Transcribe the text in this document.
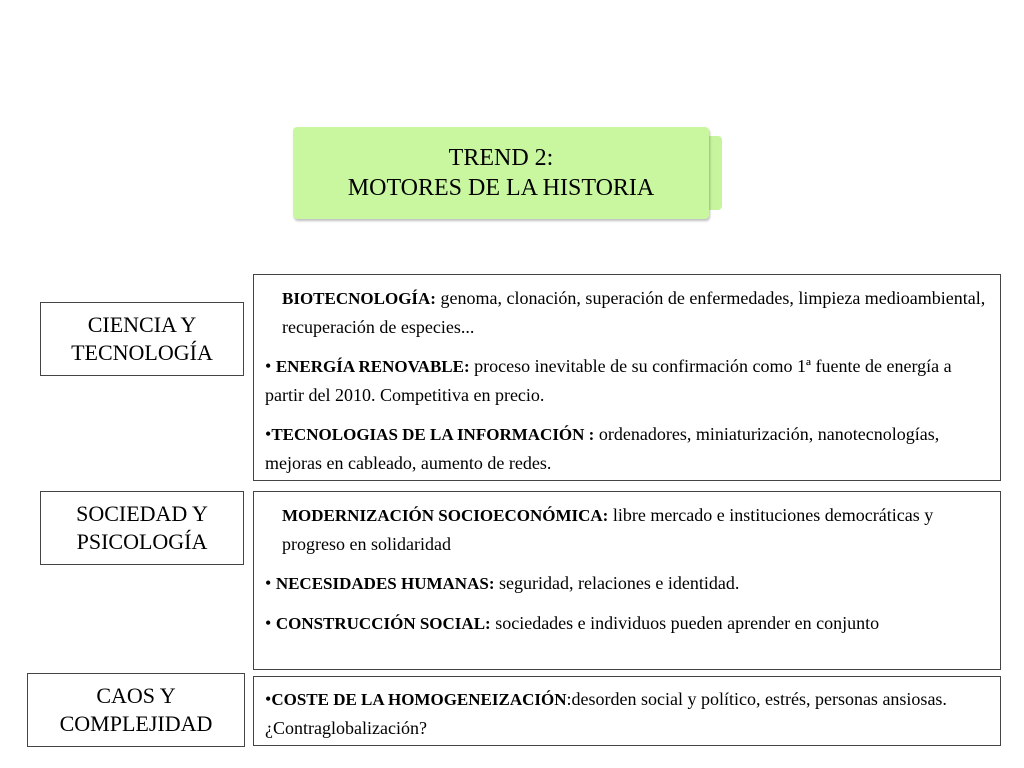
TREND 2:
MOTORES DE LA HISTORIA
CIENCIA Y
TECNOLOGÍA
BIOTECNOLOGÍA: genoma, clonación, superación de enfermedades, limpieza medioambiental, recuperación de especies...
• ENERGÍA RENOVABLE: proceso inevitable de su confirmación como 1ª fuente de energía a partir del 2010. Competitiva en precio.
•TECNOLOGIAS DE LA INFORMACIÓN : ordenadores, miniaturización, nanotecnologías, mejoras en cableado, aumento de redes.
SOCIEDAD Y
PSICOLOGÍA
MODERNIZACIÓN SOCIOECONÓMICA: libre mercado e instituciones democráticas y progreso en solidaridad
• NECESIDADES HUMANAS: seguridad, relaciones e identidad.
• CONSTRUCCIÓN SOCIAL: sociedades e individuos pueden aprender en conjunto
CAOS Y
COMPLEJIDAD
•COSTE DE LA HOMOGENEIZACIÓN:desorden social y político, estrés, personas ansiosas. ¿Contraglobalización?
